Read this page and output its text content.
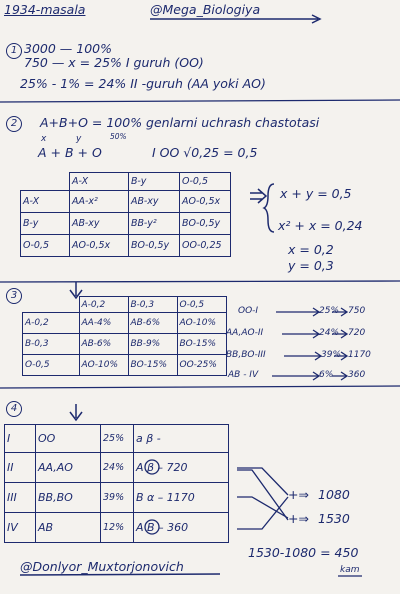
1934-masala	@Mega_Biologiya
1 3000 — 100%
750 — x = 25% I guruh (OO)
25% - 1% = 24% II -guruh (AA yoki AO)
2	A+B+O = 100% genlarni uchrash chastotasi
x	y	50%
A + B + O	I OO √0,25 = 0,5
	A-X	B-y	O-0,5
A-X	AA-x²	AB-xy	AO-0,5x
B-y	AB-xy	BB-y²	BO-0,5y
O-0,5	AO-0,5x	BO-0,5y	OO-0,25
x + y = 0,5
x² + x = 0,24
x = 0,2
y = 0,3
3
	A-0,2	B-0,3	O-0,5
A-0,2	AA-4%	AB-6%	AO-10%
B-0,3	AB-6%	BB-9%	BO-15%
O-0,5	AO-10%	BO-15%	OO-25%
OO-I	25% 750
AA,AO-II	24% 720
BB,BO-III	39% 1170
AB - IV	6% 360
4
I	OO	25%	a β -
II	AA,AO	24%	A β – 720
III	BB,BO	39%	B α – 1170
IV	AB	12%	A B – 360
+⇒ 1080
+⇒ 1530
1530-1080 = 450
kam
@Donlyor_Muxtorjonovich
